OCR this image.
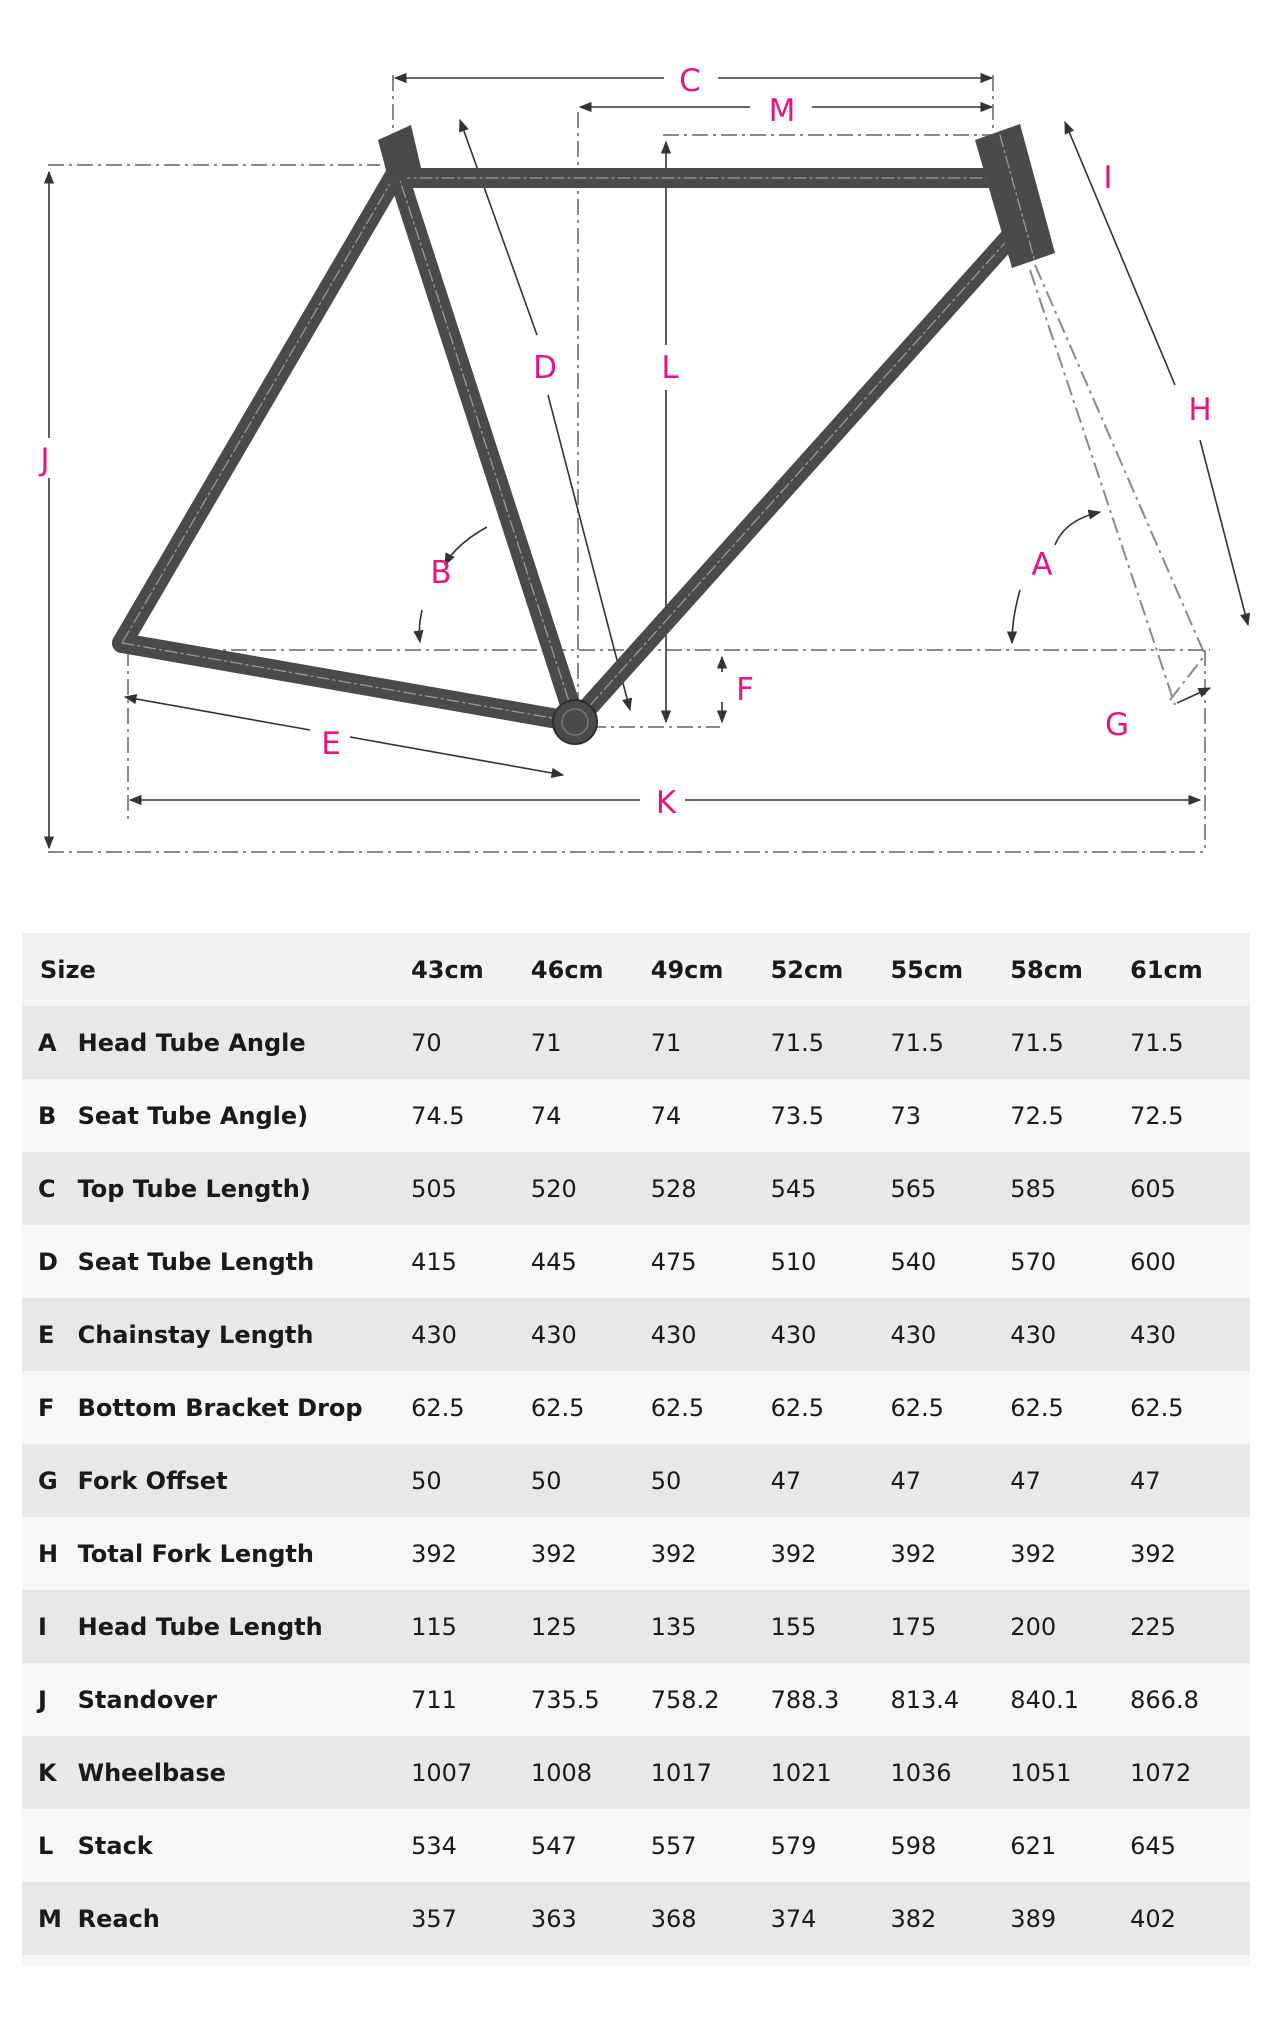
A
B
C
D
E
F
G
H
I
J
K
L
M
Size		43cm	46cm	49cm	52cm	55cm	58cm	61cm
A	Head Tube Angle	70	71	71	71.5	71.5	71.5	71.5
B	Seat Tube Angle)	74.5	74	74	73.5	73	72.5	72.5
C	Top Tube Length)	505	520	528	545	565	585	605
D	Seat Tube Length	415	445	475	510	540	570	600
E	Chainstay Length	430	430	430	430	430	430	430
F	Bottom Bracket Drop	62.5	62.5	62.5	62.5	62.5	62.5	62.5
G	Fork Offset	50	50	50	47	47	47	47
H	Total Fork Length	392	392	392	392	392	392	392
I	Head Tube Length	115	125	135	155	175	200	225
J	Standover	711	735.5	758.2	788.3	813.4	840.1	866.8
K	Wheelbase	1007	1008	1017	1021	1036	1051	1072
L	Stack	534	547	557	579	598	621	645
M	Reach	357	363	368	374	382	389	402
